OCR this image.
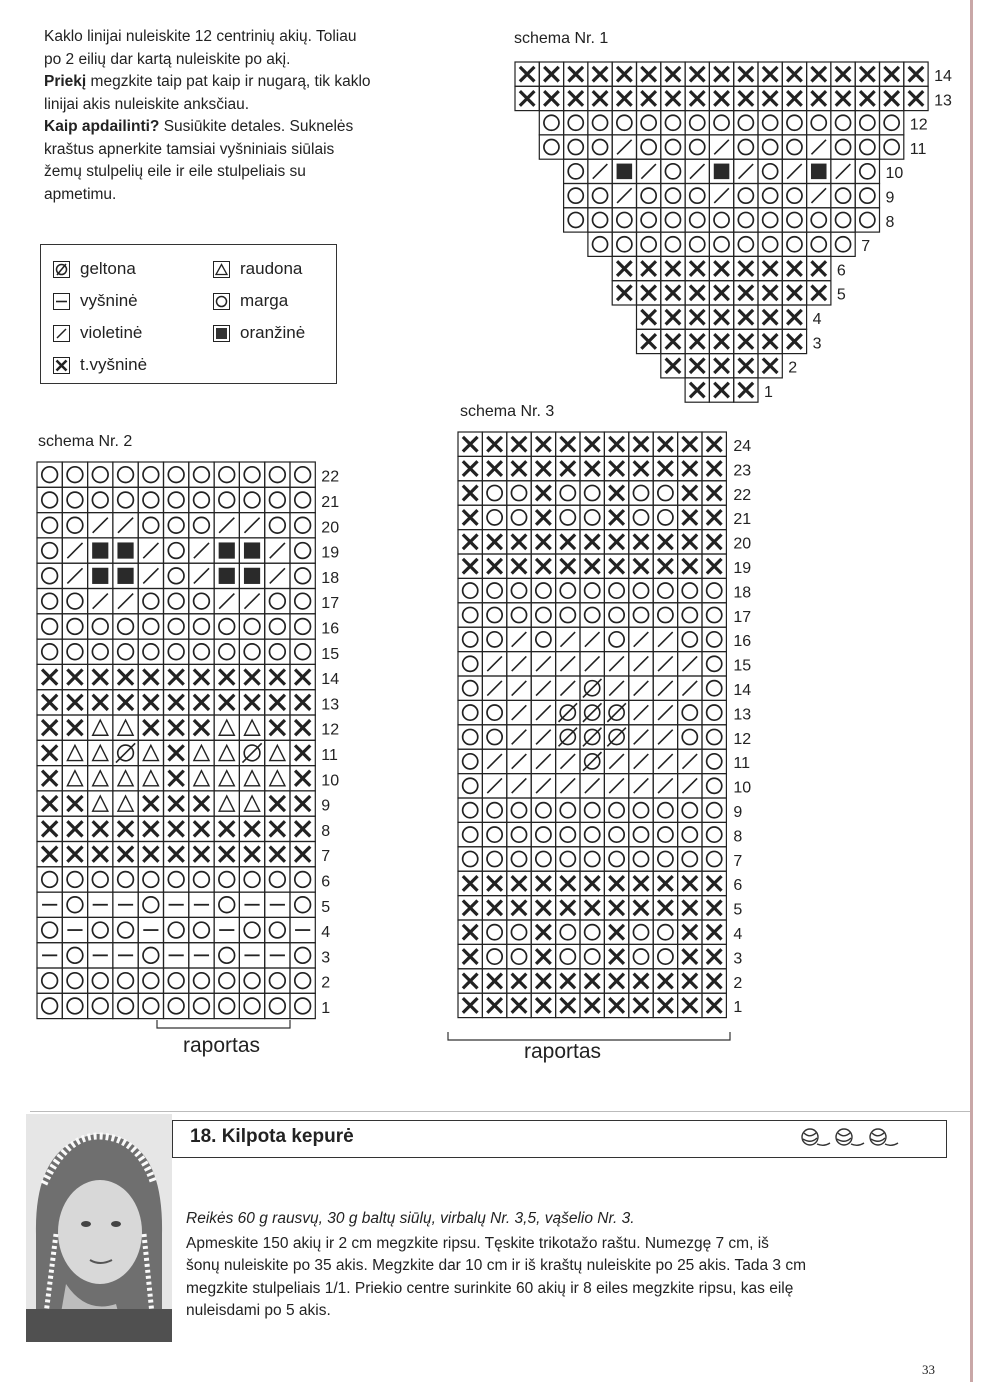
Kaklo linijai nuleiskite 12 centrinių akių. Toliau
po 2 eilių dar kartą nuleiskite po akį.
Priekį megzkite taip pat kaip ir nugarą, tik kaklo
linijai akis nuleiskite anksčiau.
Kaip apdailinti? Susiūkite detales. Suknelės
kraštus apnerkite tamsiai vyšniniais siūlais
žemų stulpelių eile ir eile stulpeliais su
apmetimu.
geltona	raudona
vyšninė	marga
violetinė	oranžinė
t.vyšninė
schema Nr. 1
schema Nr. 2
schema Nr. 3
14
13
12
11
10
9
8
7
6
5
4
3
2
1
22
21
20
19
18
17
16
15
14
13
12
11
10
9
8
7
6
5
4
3
2
1
24
23
22
21
20
19
18
17
16
15
14
13
12
11
10
9
8
7
6
5
4
3
2
1
raportas	raportas
18. Kilpota kepurė
Reikės 60 g rausvų, 30 g baltų siūlų, virbalų Nr. 3,5, vąšelio Nr. 3.
Apmeskite 150 akių ir 2 cm megzkite ripsu. Tęskite trikotažo raštu. Numezgę 7 cm, iš
šonų nuleiskite po 35 akis. Megzkite dar 10 cm ir iš kraštų nuleiskite po 25 akis. Tada 3 cm
megzkite stulpeliais 1/1. Priekio centre surinkite 60 akių ir 8 eiles megzkite ripsu, kas eilę
nuleisdami po 5 akis.
33
